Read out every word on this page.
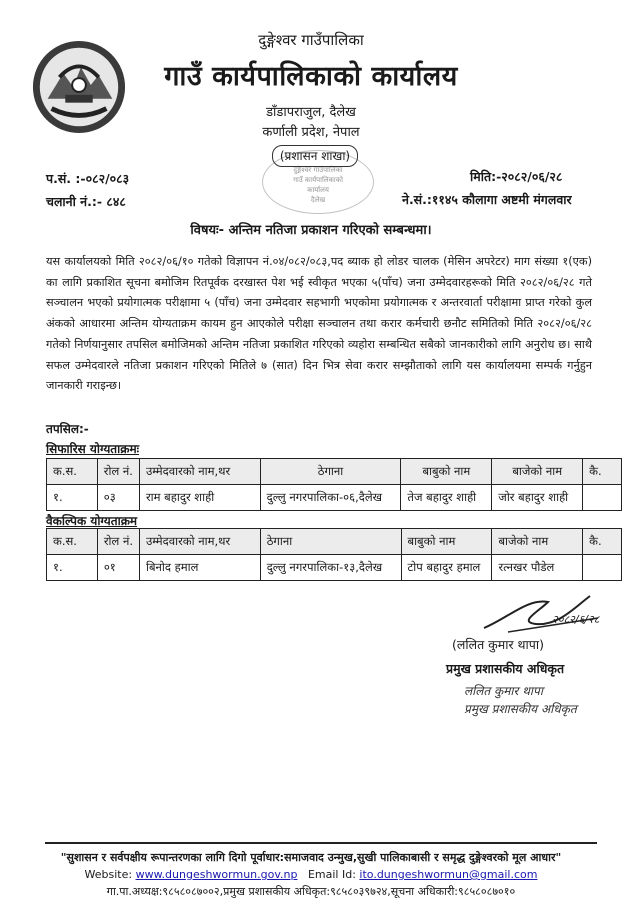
दुङ्गेश्वर गाउँपालिका
गाउँ कार्यपालिकाको कार्यालय
डाँडापराजुल, दैलेख
कर्णाली प्रदेश, नेपाल
दुङ्गेश्वर गाउँपालिका
गाउँ कार्यपालिकाको
कार्यालय
दैलेख
(प्रशासन शाखा)
प.सं. :-०८२/०८३
चलानी नं.:- ८४८
मिति:-२०८२/०६/२८
ने.सं.:११४५ कौलागा अष्टमी मंगलवार
विषयः- अन्तिम नतिजा प्रकाशन गरिएको सम्बन्धमा।
यस कार्यालयको मिति २०८२/०६/१० गतेको विज्ञापन नं.०४/०८२/०८३,पद ब्याक हो लोडर चालक (मेसिन अपरेटर) माग संख्या १(एक) का लागि प्रकाशित सूचना बमोजिम रितपूर्वक दरखास्त पेश भई स्वीकृत भएका ५(पाँच) जना उम्मेदवारहरूको मिति २०८२/०६/२८ गते सञ्चालन भएको प्रयोगात्मक परीक्षामा ५ (पाँच) जना उम्मेदवार सहभागी भएकोमा प्रयोगात्मक र अन्तरवार्ता परीक्षामा प्राप्त गरेको कुल अंकको आधारमा अन्तिम योग्यताक्रम कायम हुन आएकोले परीक्षा सञ्चालन तथा करार कर्मचारी छनौट समितिको मिति २०८२/०६/२८ गतेको निर्णयानुसार तपसिल बमोजिमको अन्तिम नतिजा प्रकाशित गरिएको व्यहोरा सम्बन्धित सबैको जानकारीको लागि अनुरोध छ। साथै सफल उम्मेदवारले नतिजा प्रकाशन गरिएको मितिले ७ (सात) दिन भित्र सेवा करार सम्झौताको लागि यस कार्यालयमा सम्पर्क गर्नुहुन जानकारी गराइन्छ।
तपसिल:-
सिफारिस योग्यताक्रमः
क.स.	रोल नं.	उम्मेदवारको नाम,थर	ठेगाना	बाबुको नाम	बाजेको नाम	कै.
१.	०३	राम बहादुर शाही	दुल्लु नगरपालिका-०६,दैलेख	तेज बहादुर शाही	जोर बहादुर शाही	
वैकल्पिक योग्यताक्रम
क.स.	रोल नं.	उम्मेदवारको नाम,थर	ठेगाना	बाबुको नाम	बाजेको नाम	कै.
१.	०१	बिनोद हमाल	दुल्लु नगरपालिका-१३,दैलेख	टोप बहादुर हमाल	रत्नखर पौडेल	
२०८२/६/२८
(ललित कुमार थापा)
प्रमुख प्रशासकीय अधिकृत
ललित कुमार थापा
प्रमुख प्रशासकीय अधिकृत
"सुशासन र सर्वपक्षीय रूपान्तरणका लागि दिगो पूर्वाधार:समाजवाद उन्मुख,सुखी पालिकाबासी र समृद्ध दुङ्गेश्वरको मूल आधार"
Website: www.dungeshwormun.gov.np Email Id: ito.dungeshwormun@gmail.com
गा.पा.अध्यक्ष:९८५८०८७००२,प्रमुख प्रशासकीय अधिकृत:९८५८०३९७२४,सूचना अधिकारी:९८५८०८७०१०
